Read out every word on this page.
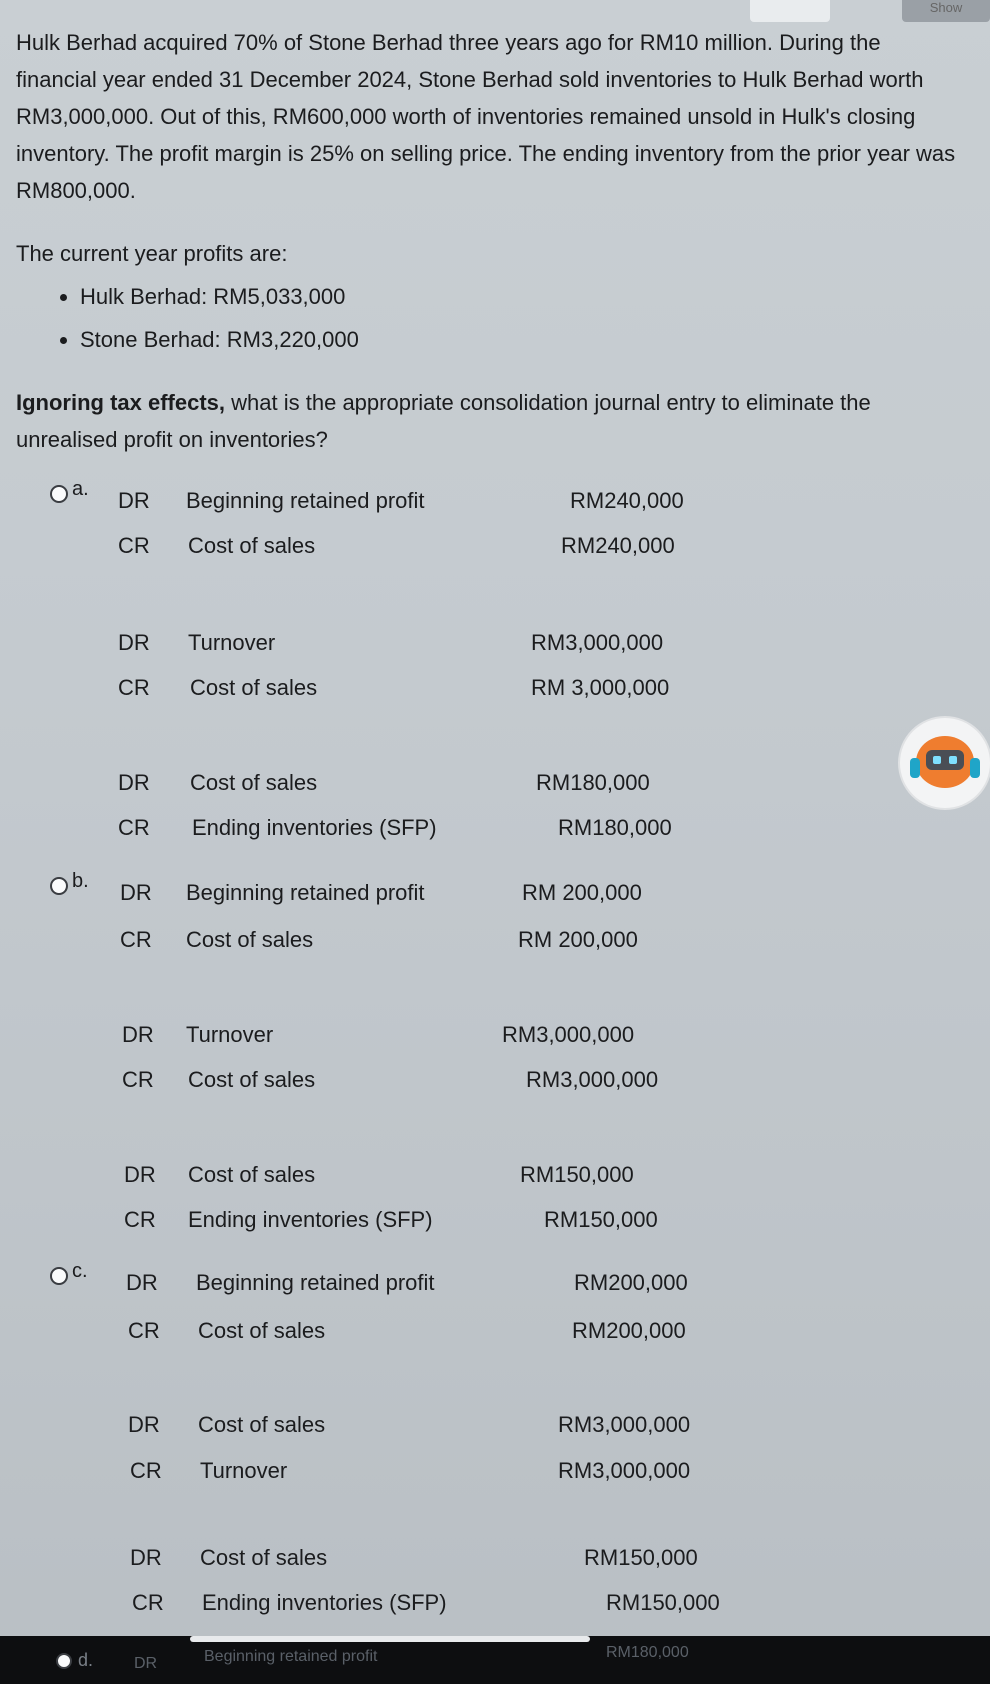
Show

Hulk Berhad acquired 70% of Stone Berhad three years ago for RM10 million. During the financial year ended 31 December 2024, Stone Berhad sold inventories to Hulk Berhad worth RM3,000,000. Out of this, RM600,000 worth of inventories remained unsold in Hulk's closing inventory. The profit margin is 25% on selling price. The ending inventory from the prior year was RM800,000.

The current year profits are:

Hulk Berhad: RM5,033,000
Stone Berhad: RM3,220,000

Ignoring tax effects, what is the appropriate consolidation journal entry to eliminate the unrealised profit on inventories?

a. DR	Beginning retained profit	RM240,000
CR	Cost of sales	RM240,000
DR	Turnover	RM3,000,000
CR	Cost of sales	RM 3,000,000
DR	Cost of sales	RM180,000
CR	Ending inventories (SFP)	RM180,000
b. DR	Beginning retained profit	RM 200,000
CR	Cost of sales	RM 200,000
DR	Turnover	RM3,000,000
CR	Cost of sales	RM3,000,000
DR	Cost of sales	RM150,000
CR	Ending inventories (SFP)	RM150,000
c. DR	Beginning retained profit	RM200,000
CR	Cost of sales	RM200,000
DR	Cost of sales	RM3,000,000
CR	Turnover	RM3,000,000
DR	Cost of sales	RM150,000
CR	Ending inventories (SFP)	RM150,000
d.	DR	Beginning retained profit	RM180,000
